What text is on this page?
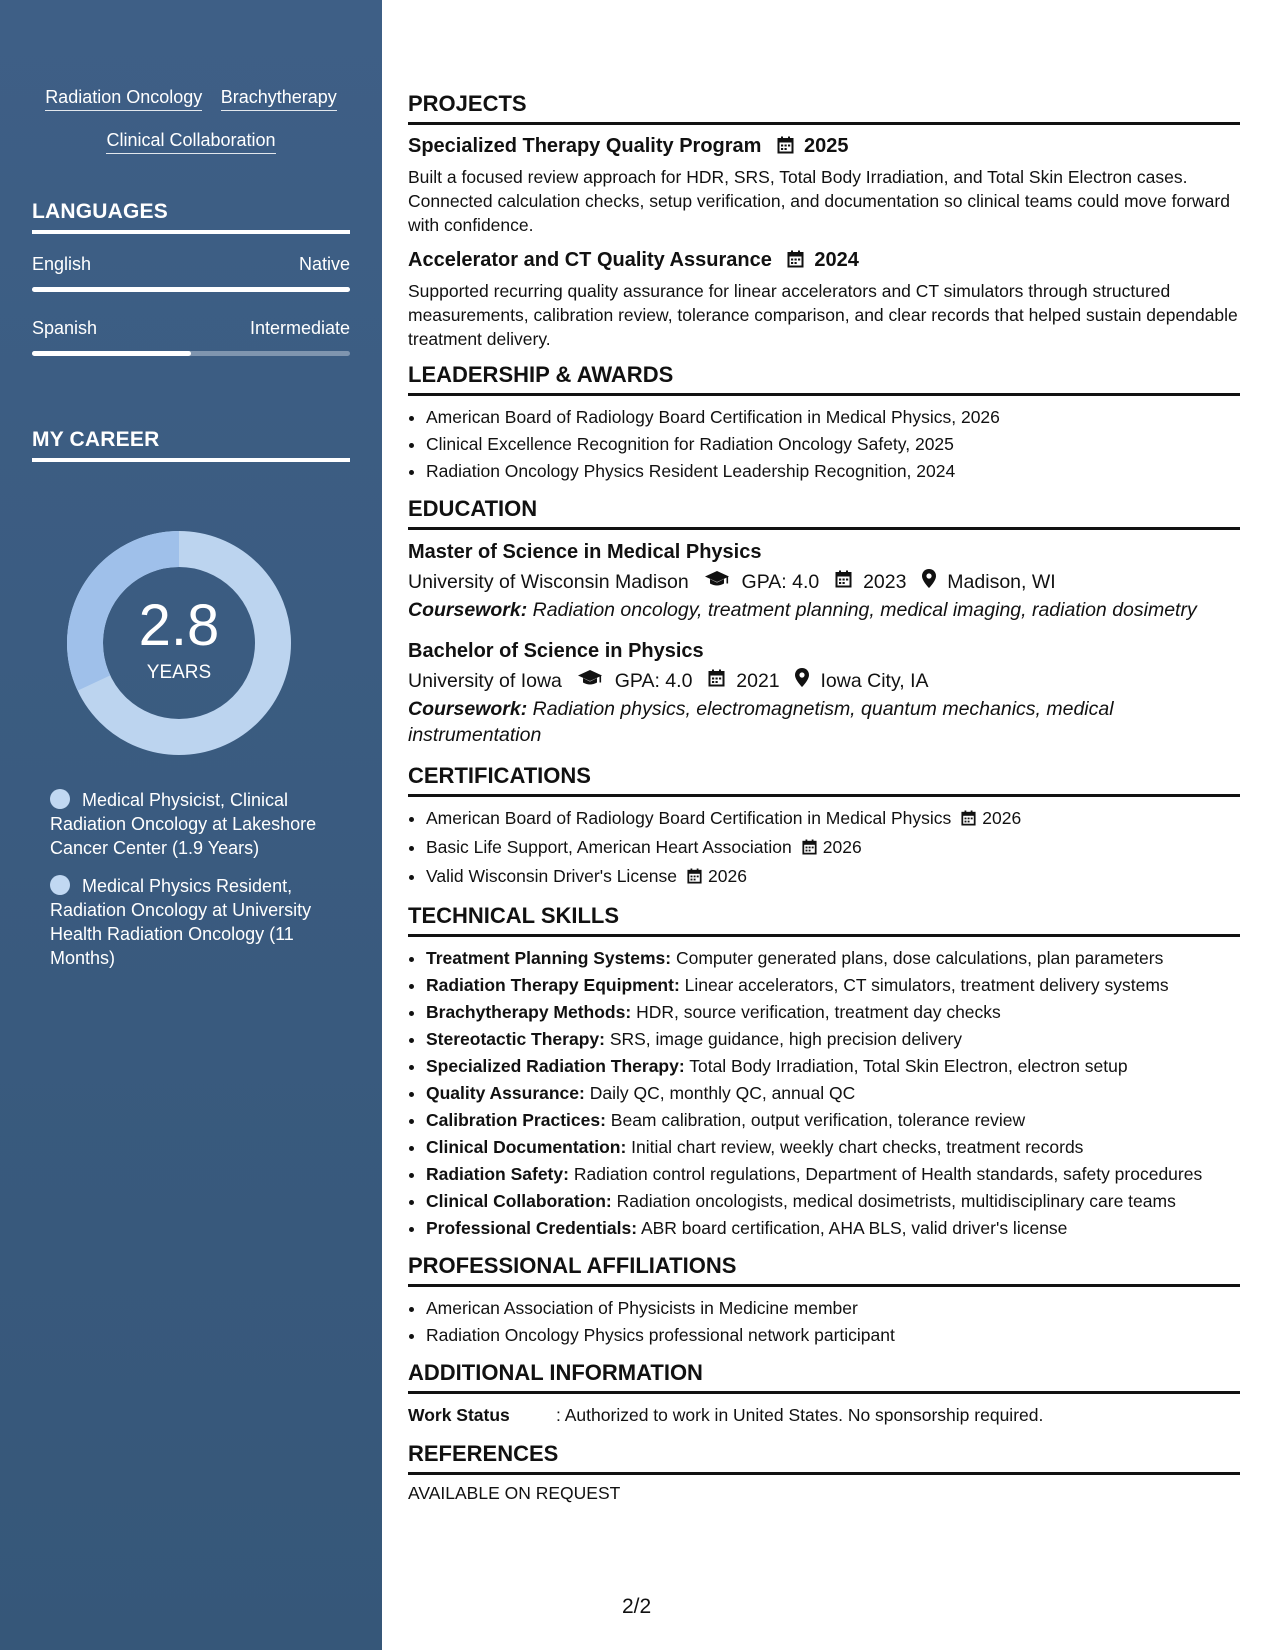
Radiation Oncology Brachytherapy Clinical Collaboration
LANGUAGES
English	Native
Spanish	Intermediate
MY CAREER
2.8
YEARS
Medical Physicist, Clinical Radiation Oncology at Lakeshore Cancer Center (1.9 Years)
Medical Physics Resident, Radiation Oncology at University Health Radiation Oncology (11 Months)
PROJECTS
Specialized Therapy Quality Program 2025
Built a focused review approach for HDR, SRS, Total Body Irradiation, and Total Skin Electron cases. Connected calculation checks, setup verification, and documentation so clinical teams could move forward with confidence.
Accelerator and CT Quality Assurance 2024
Supported recurring quality assurance for linear accelerators and CT simulators through structured measurements, calibration review, tolerance comparison, and clear records that helped sustain dependable treatment delivery.
LEADERSHIP & AWARDS
• American Board of Radiology Board Certification in Medical Physics, 2026
• Clinical Excellence Recognition for Radiation Oncology Safety, 2025
• Radiation Oncology Physics Resident Leadership Recognition, 2024
EDUCATION
Master of Science in Medical Physics
University of Wisconsin Madison	GPA: 4.0 2023 Madison, WI
Coursework: Radiation oncology, treatment planning, medical imaging, radiation dosimetry
Bachelor of Science in Physics
University of Iowa	GPA: 4.0 2021 Iowa City, IA
Coursework: Radiation physics, electromagnetism, quantum mechanics, medical instrumentation
CERTIFICATIONS
• American Board of Radiology Board Certification in Medical Physics 2026
• Basic Life Support, American Heart Association 2026
• Valid Wisconsin Driver's License 2026
TECHNICAL SKILLS
• Treatment Planning Systems: Computer generated plans, dose calculations, plan parameters
• Radiation Therapy Equipment: Linear accelerators, CT simulators, treatment delivery systems
• Brachytherapy Methods: HDR, source verification, treatment day checks
• Stereotactic Therapy: SRS, image guidance, high precision delivery
• Specialized Radiation Therapy: Total Body Irradiation, Total Skin Electron, electron setup
• Quality Assurance: Daily QC, monthly QC, annual QC
• Calibration Practices: Beam calibration, output verification, tolerance review
• Clinical Documentation: Initial chart review, weekly chart checks, treatment records
• Radiation Safety: Radiation control regulations, Department of Health standards, safety procedures
• Clinical Collaboration: Radiation oncologists, medical dosimetrists, multidisciplinary care teams
• Professional Credentials: ABR board certification, AHA BLS, valid driver's license
PROFESSIONAL AFFILIATIONS
• American Association of Physicists in Medicine member
• Radiation Oncology Physics professional network participant
ADDITIONAL INFORMATION
Work Status	: Authorized to work in United States. No sponsorship required.
REFERENCES
AVAILABLE ON REQUEST
2/2
